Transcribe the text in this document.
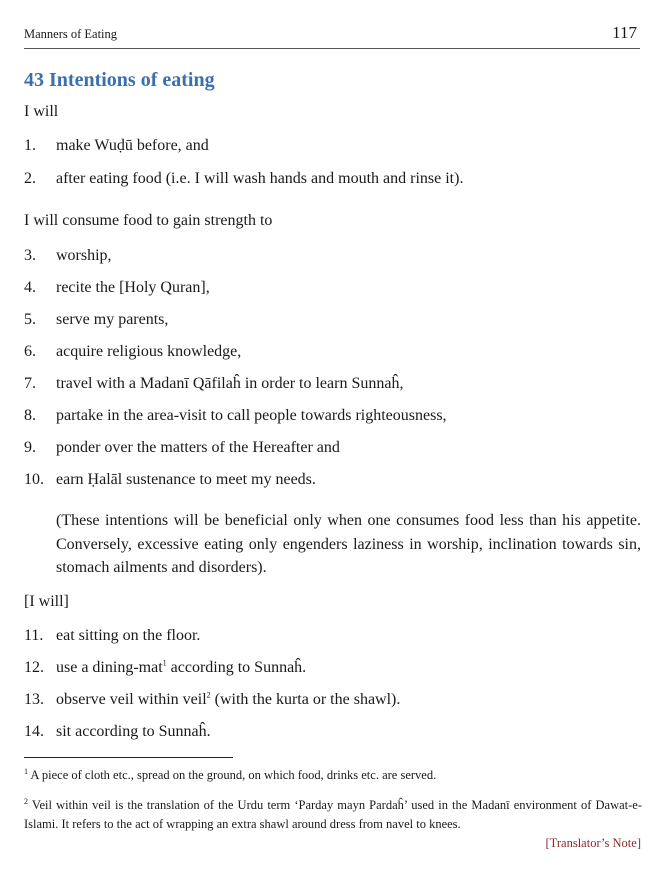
Manners of Eating	117
43 Intentions of eating
I will
1. make Wuḍū before, and
2. after eating food (i.e. I will wash hands and mouth and rinse it).
I will consume food to gain strength to
3. worship,
4. recite the [Holy Quran],
5. serve my parents,
6. acquire religious knowledge,
7. travel with a Madanī Qāfilaĥ in order to learn Sunnaĥ,
8. partake in the area-visit to call people towards righteousness,
9. ponder over the matters of the Hereafter and
10. earn Ḥalāl sustenance to meet my needs.
(These intentions will be beneficial only when one consumes food less than his appetite. Conversely, excessive eating only engenders laziness in worship, inclination towards sin, stomach ailments and disorders).
[I will]
11. eat sitting on the floor.
12. use a dining-mat$^1$ according to Sunnaĥ.
13. observe veil within veil$^2$ (with the kurta or the shawl).
14. sit according to Sunnaĥ.
$^1$ A piece of cloth etc., spread on the ground, on which food, drinks etc. are served.
$^2$ Veil within veil is the translation of the Urdu term ‘Parday mayn Pardaĥ’ used in the Madanī environment of Dawat-e-Islami. It refers to the act of wrapping an extra shawl around dress from navel to knees.
[Translator’s Note]
